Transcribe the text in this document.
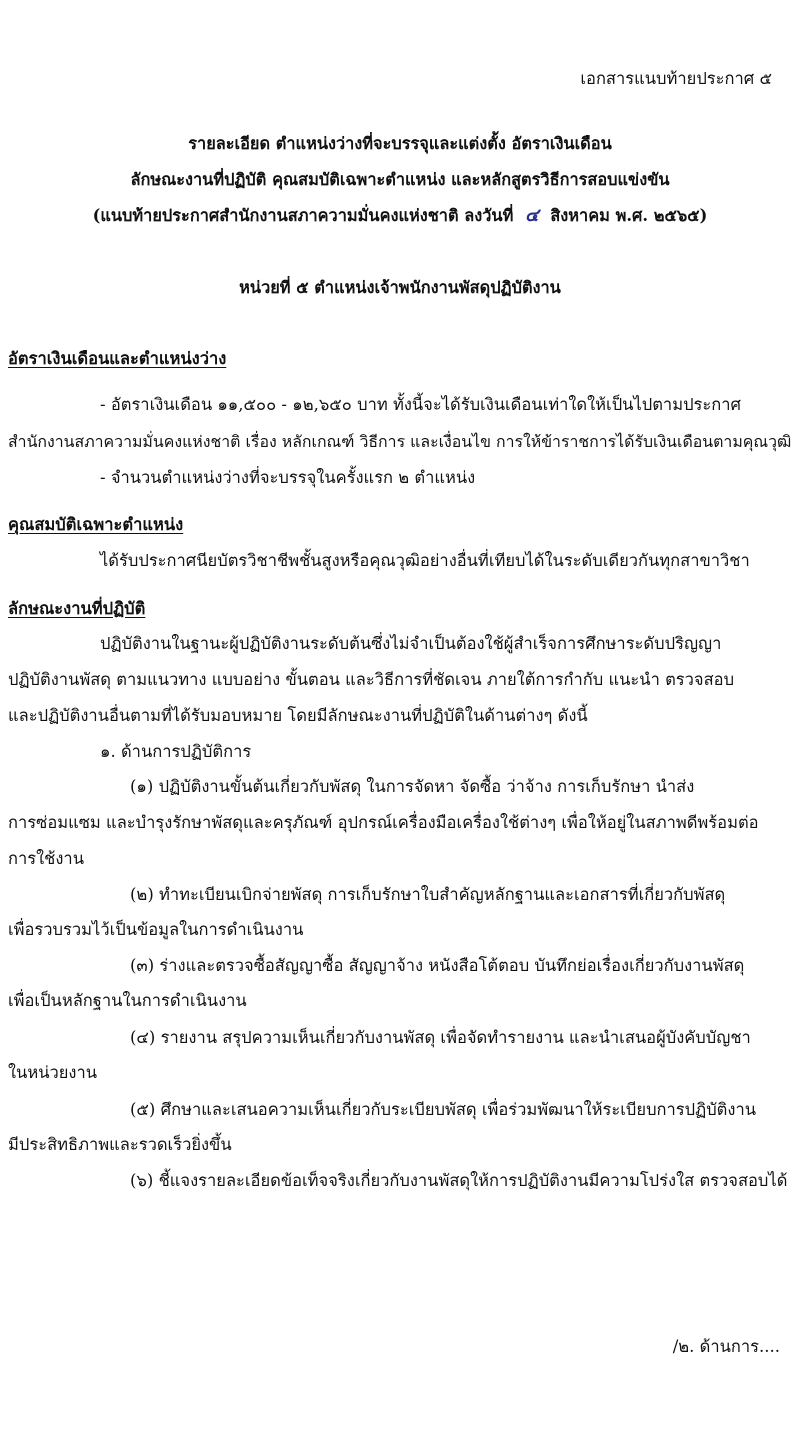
เอกสารแนบท้ายประกาศ ๕
รายละเอียด ตำแหน่งว่างที่จะบรรจุและแต่งตั้ง อัตราเงินเดือน
ลักษณะงานที่ปฏิบัติ คุณสมบัติเฉพาะตำแหน่ง และหลักสูตรวิธีการสอบแข่งขัน
(แนบท้ายประกาศสำนักงานสภาความมั่นคงแห่งชาติ ลงวันที่ ๔ สิงหาคม พ.ศ. ๒๕๖๕)
หน่วยที่ ๕ ตำแหน่งเจ้าพนักงานพัสดุปฏิบัติงาน
อัตราเงินเดือนและตำแหน่งว่าง
- อัตราเงินเดือน ๑๑,๕๐๐ - ๑๒,๖๕๐ บาท ทั้งนี้จะได้รับเงินเดือนเท่าใดให้เป็นไปตามประกาศ
สำนักงานสภาความมั่นคงแห่งชาติ เรื่อง หลักเกณฑ์ วิธีการ และเงื่อนไข การให้ข้าราชการได้รับเงินเดือนตามคุณวุฒิ
- จำนวนตำแหน่งว่างที่จะบรรจุในครั้งแรก ๒ ตำแหน่ง
คุณสมบัติเฉพาะตำแหน่ง
ได้รับประกาศนียบัตรวิชาชีพชั้นสูงหรือคุณวุฒิอย่างอื่นที่เทียบได้ในระดับเดียวกันทุกสาขาวิชา
ลักษณะงานที่ปฏิบัติ
ปฏิบัติงานในฐานะผู้ปฏิบัติงานระดับต้นซึ่งไม่จำเป็นต้องใช้ผู้สำเร็จการศึกษาระดับปริญญา
ปฏิบัติงานพัสดุ ตามแนวทาง แบบอย่าง ขั้นตอน และวิธีการที่ชัดเจน ภายใต้การกำกับ แนะนำ ตรวจสอบ
และปฏิบัติงานอื่นตามที่ได้รับมอบหมาย โดยมีลักษณะงานที่ปฏิบัติในด้านต่างๆ ดังนี้
๑. ด้านการปฏิบัติการ
(๑) ปฏิบัติงานขั้นต้นเกี่ยวกับพัสดุ ในการจัดหา จัดซื้อ ว่าจ้าง การเก็บรักษา นำส่ง
การซ่อมแซม และบำรุงรักษาพัสดุและครุภัณฑ์ อุปกรณ์เครื่องมือเครื่องใช้ต่างๆ เพื่อให้อยู่ในสภาพดีพร้อมต่อ
การใช้งาน
(๒) ทำทะเบียนเบิกจ่ายพัสดุ การเก็บรักษาใบสำคัญหลักฐานและเอกสารที่เกี่ยวกับพัสดุ
เพื่อรวบรวมไว้เป็นข้อมูลในการดำเนินงาน
(๓) ร่างและตรวจซื้อสัญญาซื้อ สัญญาจ้าง หนังสือโต้ตอบ บันทึกย่อเรื่องเกี่ยวกับงานพัสดุ
เพื่อเป็นหลักฐานในการดำเนินงาน
(๔) รายงาน สรุปความเห็นเกี่ยวกับงานพัสดุ เพื่อจัดทำรายงาน และนำเสนอผู้บังคับบัญชา
ในหน่วยงาน
(๕) ศึกษาและเสนอความเห็นเกี่ยวกับระเบียบพัสดุ เพื่อร่วมพัฒนาให้ระเบียบการปฏิบัติงาน
มีประสิทธิภาพและรวดเร็วยิ่งขึ้น
(๖) ชี้แจงรายละเอียดข้อเท็จจริงเกี่ยวกับงานพัสดุให้การปฏิบัติงานมีความโปร่งใส ตรวจสอบได้
/๒. ด้านการ....
